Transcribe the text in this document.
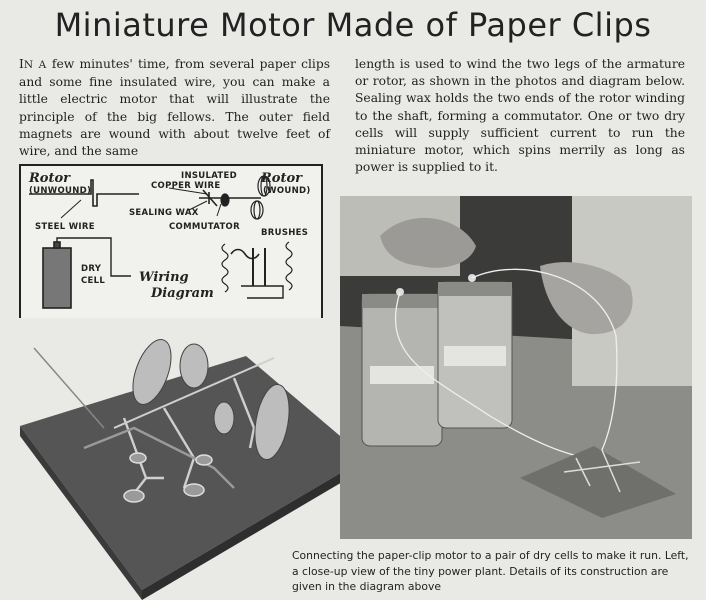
Miniature Motor Made of Paper Clips
IN A few minutes' time, from several paper clips and some fine insulated wire, you can make a little electric motor that will illustrate the principle of the big fellows. The outer field magnets are wound with about twelve feet of wire, and the same
length is used to wind the two legs of the armature or rotor, as shown in the photos and diagram below. Sealing wax holds the two ends of the rotor winding to the shaft, forming a commutator. One or two dry cells will supply sufficient current to run the miniature motor, which spins merrily as long as power is supplied to it.
Rotor
(UNWOUND)
INSULATED
COPPER WIRE	Rotor
(WOUND)
STEEL WIRE
SEALING WAX
COMMUTATOR
BRUSHES
DRY
CELL	Wiring
Diagram
Connecting the paper-clip motor to a pair of dry cells to make it run. Left, a close-up view of the tiny power plant. Details of its construction are given in the diagram above
